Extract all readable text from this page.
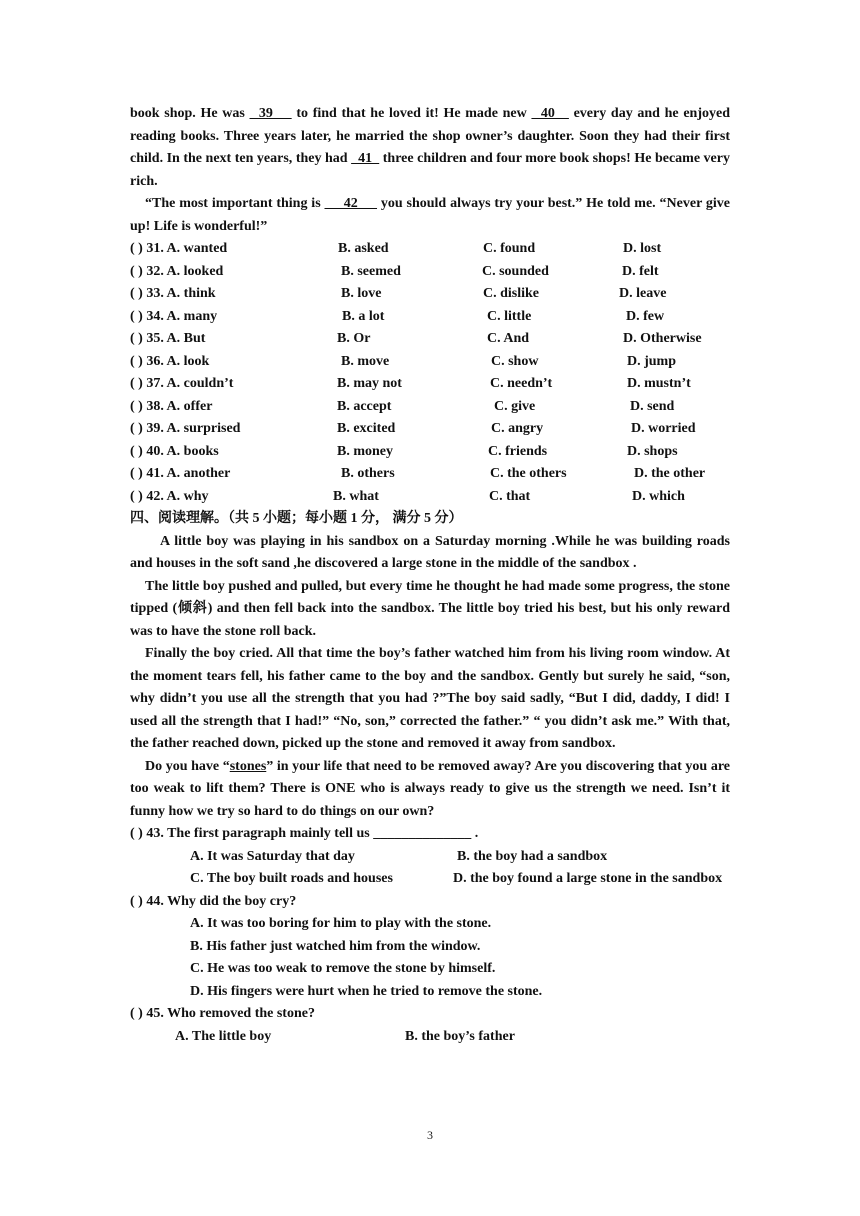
book shop. He was   39     to find that he loved it! He made new   40    every day and he enjoyed reading books. Three years later, he married the shop owner’s daughter. Soon they had their first child. In the next ten years, they had   41   three children and four more book shops! He became very rich.

“The most important thing is      42      you should always try your best.” He told me. “Never give up! Life is wonderful!”

( ) 31. A. wanted	B. asked	C. found	D. lost
( ) 32. A. looked	B. seemed	C. sounded	D. felt
( ) 33. A. think	B. love	C. dislike	D. leave
( ) 34. A. many	B. a lot	C. little	D. few
( ) 35. A. But	B. Or	C. And	D. Otherwise
( ) 36. A. look	B. move	C. show	D. jump
( ) 37. A. couldn’t	B. may not	C. needn’t	D. mustn’t
( ) 38. A. offer	B. accept	C. give	D. send
( ) 39. A. surprised	B. excited	C. angry	D. worried
( ) 40. A. books	B. money	C. friends	D. shops
( ) 41. A. another	B. others	C. the others	D. the other
( ) 42. A. why	B. what	C. that	D. which

四、阅读理解。（共 5 小题；每小题 1 分， 满分 5 分）

A little boy was playing in his sandbox on a Saturday morning .While he was building roads and houses in the soft sand ,he discovered a large stone in the middle of the sandbox .

The little boy pushed and pulled, but every time he thought he had made some progress, the stone tipped (倾斜) and then fell back into the sandbox. The little boy tried his best, but his only reward was to have the stone roll back.

Finally the boy cried. All that time the boy’s father watched him from his living room window. At the moment tears fell, his father came to the boy and the sandbox. Gently but surely he said, “son, why didn’t you use all the strength that you had ?”The boy said sadly, “But I did, daddy, I did! I used all the strength that I had!” “No, son,” corrected the father.” “ you didn’t ask me.” With that, the father reached down, picked up the stone and removed it away from sandbox.

Do you have “stones” in your life that need to be removed away? Are you discovering that you are too weak to lift them? There is ONE who is always ready to give us the strength we need. Isn’t it funny how we try so hard to do things on our own?

( ) 43. The first paragraph mainly tell us ______________ .
A. It was Saturday that day	B. the boy had a sandbox

C. The boy built roads and houses	D. the boy found a large stone in the sandbox

( ) 44. Why did the boy cry?
A. It was too boring for him to play with the stone.
B. His father just watched him from the window.
C. He was too weak to remove the stone by himself.
D. His fingers were hurt when he tried to remove the stone.
( ) 45. Who removed the stone?
A. The little boy	B. the boy’s father
3
